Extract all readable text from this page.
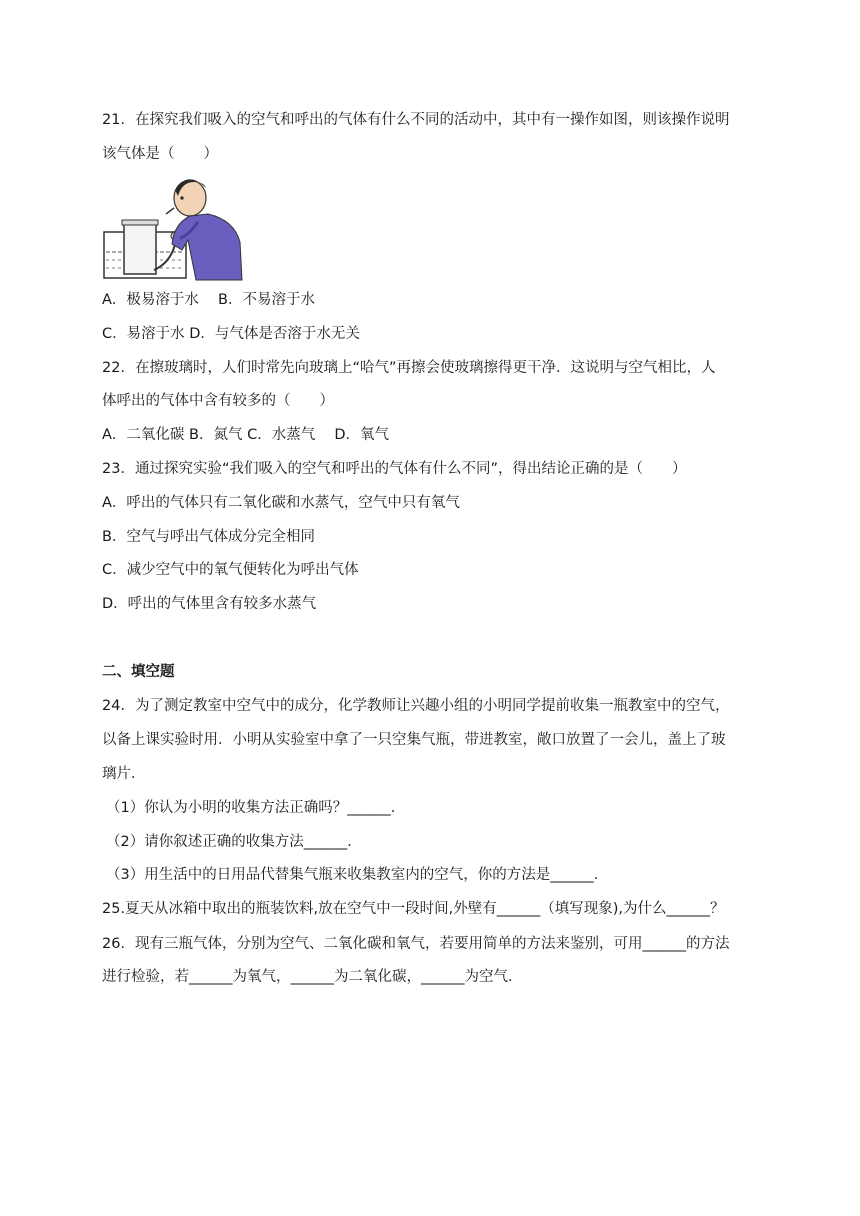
21．在探究我们吸入的空气和呼出的气体有什么不同的活动中，其中有一操作如图，则该操作说明
该气体是（　　）
A．极易溶于水　 B．不易溶于水
C．易溶于水 D．与气体是否溶于水无关
22．在擦玻璃时，人们时常先向玻璃上“哈气”再擦会使玻璃擦得更干净．这说明与空气相比，人
体呼出的气体中含有较多的（　　）
A．二氧化碳 B．氮气 C．水蒸气　 D．氧气
23．通过探究实验“我们吸入的空气和呼出的气体有什么不同”，得出结论正确的是（　　）
A．呼出的气体只有二氧化碳和水蒸气，空气中只有氧气
B．空气与呼出气体成分完全相同
C．减少空气中的氧气便转化为呼出气体
D．呼出的气体里含有较多水蒸气
二、填空题
24．为了测定教室中空气中的成分，化学教师让兴趣小组的小明同学提前收集一瓶教室中的空气，
以备上课实验时用．小明从实验室中拿了一只空集气瓶，带进教室，敞口放置了一会儿，盖上了玻
璃片．
（1）你认为小明的收集方法正确吗？______．
（2）请你叙述正确的收集方法______．
（3）用生活中的日用品代替集气瓶来收集教室内的空气，你的方法是______．
25.夏天从冰箱中取出的瓶装饮料,放在空气中一段时间,外壁有______（填写现象),为什么______？
26．现有三瓶气体，分别为空气、二氧化碳和氧气，若要用简单的方法来鉴别，可用______的方法
进行检验，若______为氧气，______为二氧化碳，______为空气．
